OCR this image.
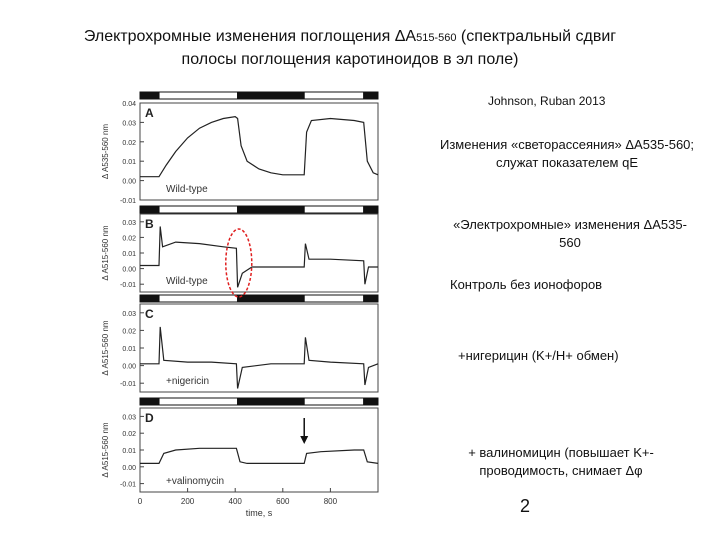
Электрохромные изменения поглощения ΔA515-560 (спектральный сдвиг
полосы поглощения каротиноидов в эл поле)
Johnson, Ruban 2013
Изменения «светорассеяния» ΔA535-560; служат показателем qE
«Электрохромные» изменения ΔA535-560
Контроль без ионофоров
+нигерицин (K+/H+ обмен)
+ валиномицин (повышает K+-проводимость, снимает Δφ
2
0.04
0.03
0.02
0.01
0.00
-0.01
Δ A535-560 nm
A
Wild-type
0.03
0.02
0.01
0.00
-0.01
Δ A515-560 nm
B
Wild-type
0.03
0.02
0.01
0.00
-0.01
Δ A515-560 nm
C
+nigericin
0.03
0.02
0.01
0.00
-0.01
Δ A515-560 nm
D
+valinomycin
0	200	400	600	800
time, s
